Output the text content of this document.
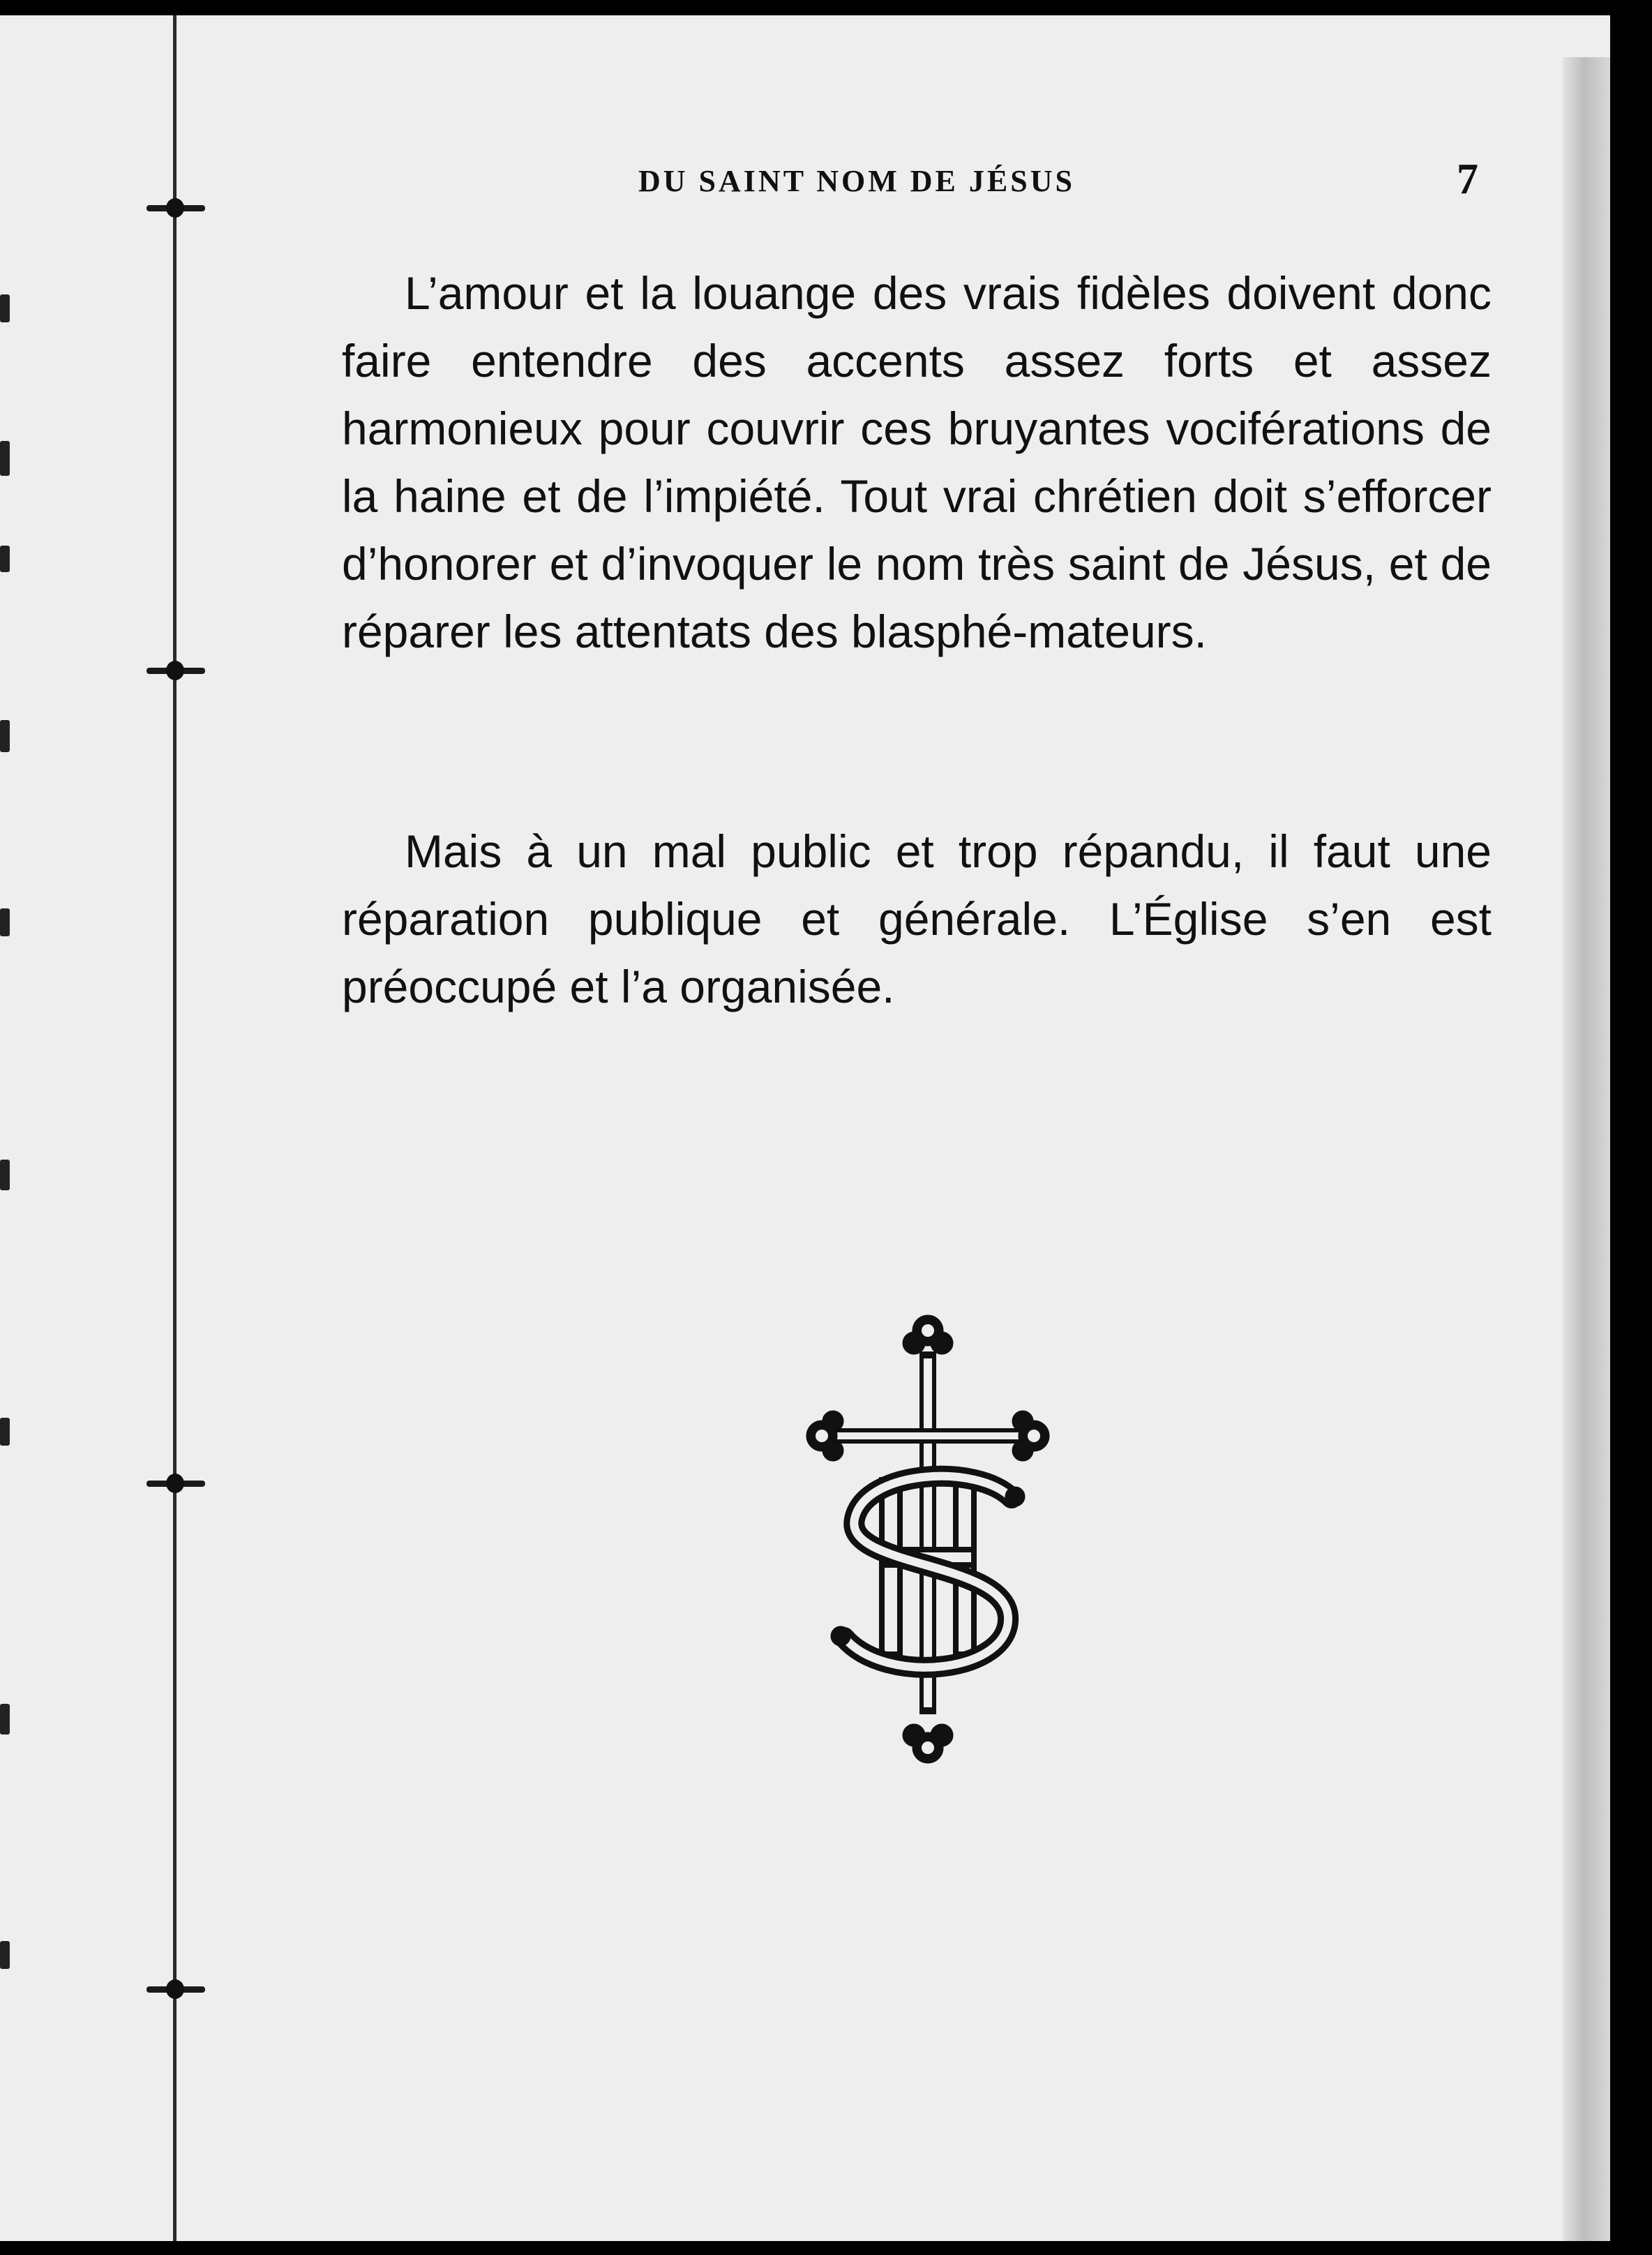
DU SAINT NOM DE JÉSUS	7

L’amour et la louange des vrais fidèles doivent donc faire entendre des accents assez forts et assez harmonieux pour couvrir ces bruyantes vociférations de la haine et de l’impiété. Tout vrai chrétien doit s’efforcer d’honorer et d’invoquer le nom très saint de Jésus, et de réparer les attentats des blasphé-mateurs.

Mais à un mal public et trop répandu, il faut une réparation publique et générale. L’Église s’en est préoccupé et l’a organisée.
